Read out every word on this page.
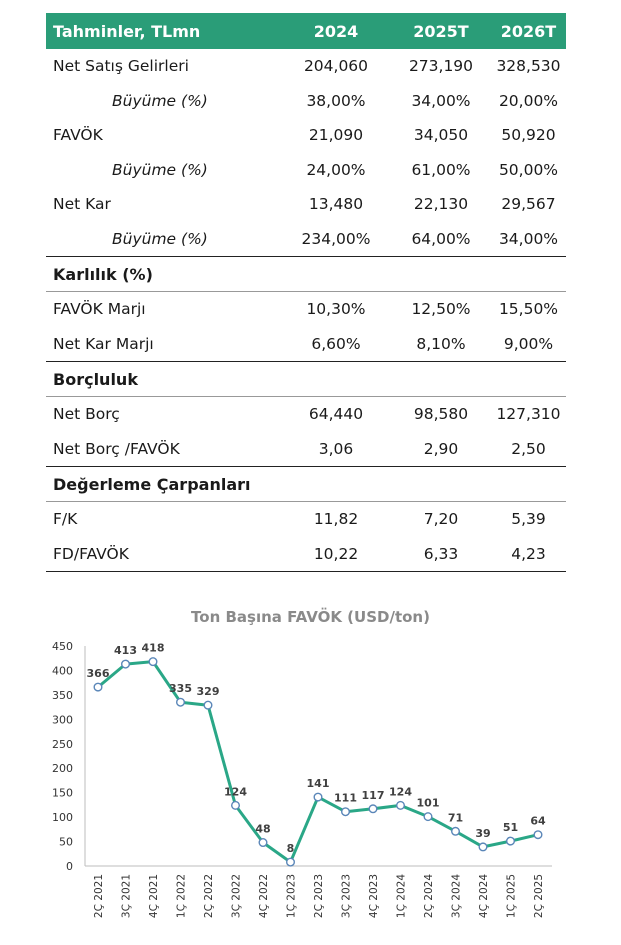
Tahminler, TLmn	2024	2025T	2026T
Net Satış Gelirleri	204,060	273,190	328,530
Büyüme (%)	38,00%	34,00%	20,00%
FAVÖK	21,090	34,050	50,920
Büyüme (%)	24,00%	61,00%	50,00%
Net Kar	13,480	22,130	29,567
Büyüme (%)	234,00%	64,00%	34,00%
Karlılık (%)
FAVÖK Marjı	10,30%	12,50%	15,50%
Net Kar Marjı	6,60%	8,10%	9,00%
Borçluluk
Net Borç	64,440	98,580	127,310
Net Borç /FAVÖK	3,06	2,90	2,50
Değerleme Çarpanları
F/K	11,82	7,20	5,39
FD/FAVÖK	10,22	6,33	4,23
Ton Başına FAVÖK (USD/ton)
0
50
100
150
200
250
300
350
400
450
2Ç 2021 3Ç 2021 4Ç 2021 1Ç 2022 2Ç 2022 3Ç 2022 4Ç 2022 1Ç 2023 2Ç 2023 3Ç 2023 4Ç 2023 1Ç 2024 2Ç 2024 3Ç 2024 4Ç 2024 1Ç 2025 2Ç 2025
366
413 418
335 329
124
48
8
141
111 117 124
101
71
39 51 64
